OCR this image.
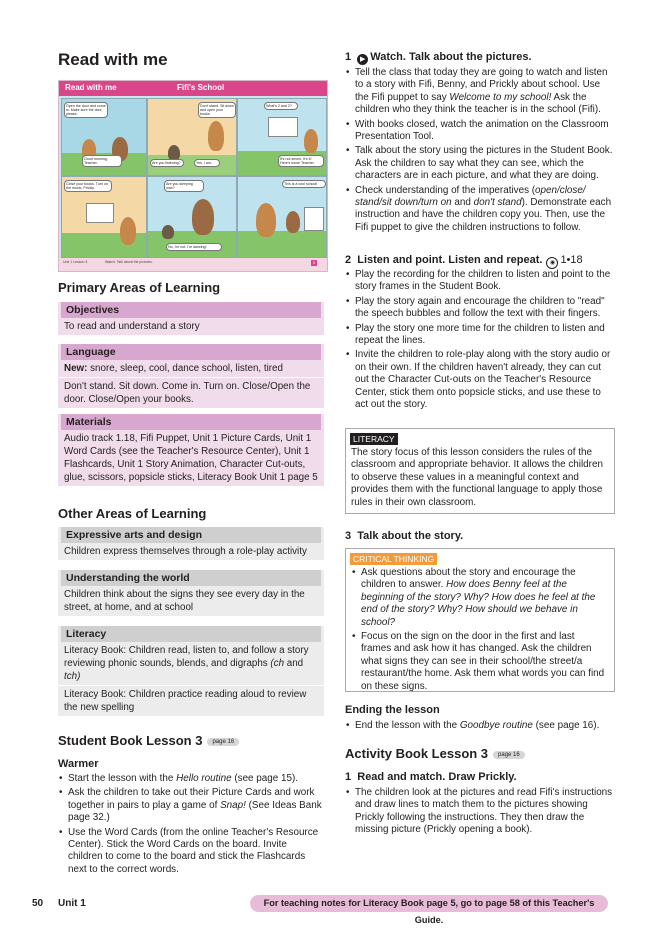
Read with me
Read with me	Fifi's School
Open the door and come in. Make sure the door, please.
Good morning, Teacher.
Don't stand. Sit down and open your books.
Are you listening?	Yes, I am.
What's 2 and 2?
It's not seven. It's 4! Here's some Teacher.
Close your books. Turn on the music, Prickly.
Are you sleeping now?
No, I'm not. I'm dancing!
This is a cool school!
Unit 1 Lesson 3	Watch. Talk about the pictures.	5
Primary Areas of Learning
Objectives
To read and understand a story
Language
New: snore, sleep, cool, dance school, listen, tired
Don't stand. Sit down. Come in. Turn on. Close/Open the door. Close/Open your books.
Materials
Audio track 1.18, Fifi Puppet, Unit 1 Picture Cards, Unit 1 Word Cards (see the Teacher's Resource Center), Unit 1 Flashcards, Unit 1 Story Animation, Character Cut-outs, glue, scissors, popsicle sticks, Literacy Book Unit 1 page 5
Other Areas of Learning
Expressive arts and design
Children express themselves through a role-play activity
Understanding the world
Children think about the signs they see every day in the street, at home, and at school
Literacy
Literacy Book: Children read, listen to, and follow a story reviewing phonic sounds, blends, and digraphs (ch and tch)
Literacy Book: Children practice reading aloud to review the new spelling
Student Book Lesson 3 page 16
Warmer
• Start the lesson with the Hello routine (see page 15).
• Ask the children to take out their Picture Cards and work together in pairs to play a game of Snap! (See Ideas Bank page 32.)
• Use the Word Cards (from the online Teacher's Resource Center). Stick the Word Cards on the board. Invite children to come to the board and stick the Flashcards next to the correct words.
1 ▶ Watch. Talk about the pictures.
• Tell the class that today they are going to watch and listen to a story with Fifi, Benny, and Prickly about school. Use the Fifi puppet to say Welcome to my school! Ask the children who they think the teacher is in the school (Fifi).
• With books closed, watch the animation on the Classroom Presentation Tool.
• Talk about the story using the pictures in the Student Book. Ask the children to say what they can see, which the characters are in each picture, and what they are doing.
• Check understanding of the imperatives (open/close/ stand/sit down/turn on and don't stand). Demonstrate each instruction and have the children copy you. Then, use the Fifi puppet to give the children instructions to follow.
2 Listen and point. Listen and repeat. ◉ 1•18
• Play the recording for the children to listen and point to the story frames in the Student Book.
• Play the story again and encourage the children to "read" the speech bubbles and follow the text with their fingers.
• Play the story one more time for the children to listen and repeat the lines.
• Invite the children to role-play along with the story audio or on their own. If the children haven't already, they can cut out the Character Cut-outs on the Teacher's Resource Center, stick them onto popsicle sticks, and use these to act out the story.
LITERACY

The story focus of this lesson considers the rules of the classroom and appropriate behavior. It allows the children to observe these values in a meaningful context and provides them with the functional language to apply those rules in their own classroom.

3 Talk about the story.
CRITICAL THINKING
• Ask questions about the story and encourage the children to answer. How does Benny feel at the beginning of the story? Why? How does he feel at the end of the story? Why? How should we behave in school?
• Focus on the sign on the door in the first and last frames and ask how it has changed. Ask the children what signs they can see in their school/the street/a restaurant/the home. Ask them what words you can find on these signs.
Ending the lesson
• End the lesson with the Goodbye routine (see page 16).
Activity Book Lesson 3 page 16
1 Read and match. Draw Prickly.
• The children look at the pictures and read Fifi's instructions and draw lines to match them to the pictures showing Prickly following the instructions. They then draw the missing picture (Prickly opening a book).
50 Unit 1	For teaching notes for Literacy Book page 5, go to page 58 of this Teacher's Guide.
